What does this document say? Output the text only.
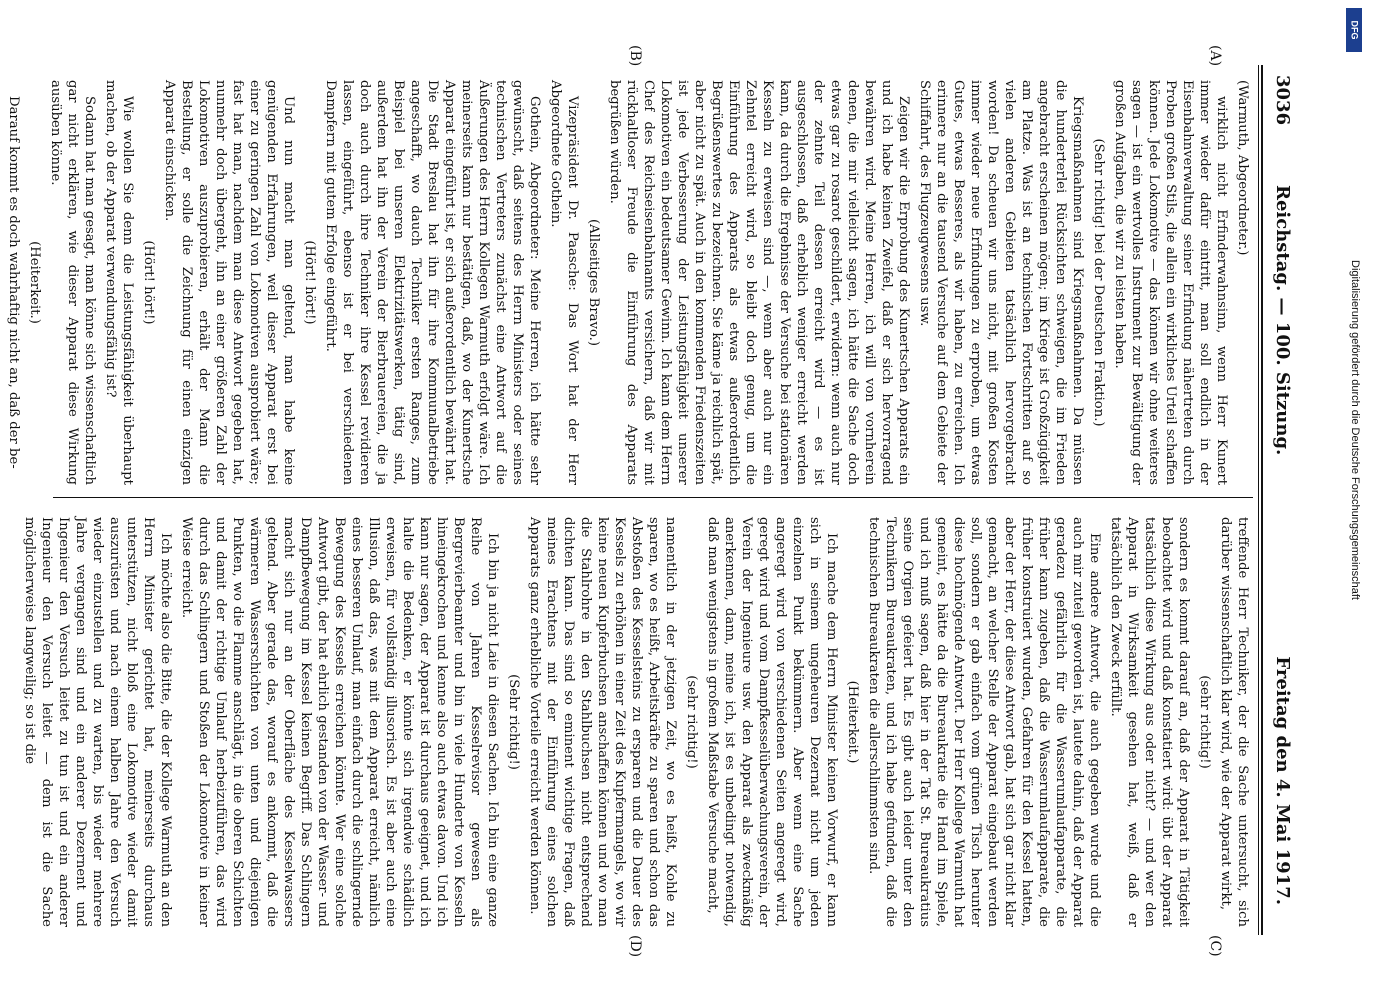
3036
Reichstag. — 100. Sitzung.
Freitag den 4. Mai 1917.
(A)
(B)
(C)
(D)

(Warmuth, Abgeordneter.)

wirklich nicht Erfinderwahnsinn, wenn Herr Kunert immer wieder dafür eintritt, man soll endlich in der Eisenbahnverwaltung seiner Erfindung nähertreten durch Proben großen Stils, die allein ein wirkliches Urteil schaffen können. Jede Lokomotive — das können wir ohne weiteres sagen — ist ein wertvolles Instrument zur Bewältigung der großen Aufgaben, die wir zu leisten haben.

(Sehr richtig! bei der Deutschen Fraktion.)

Kriegsmaßnahmen sind Kriegsmaßnahmen. Da müssen die hunderterlei Rücksichten schweigen, die im Frieden angebracht erscheinen mögen; im Kriege ist Großzügigkeit am Platze. Was ist an technischen Fortschritten auf so vielen anderen Gebieten tatsächlich hervorgebracht worden! Da scheuen wir uns nicht, mit großen Kosten immer wieder neue Erfindungen zu erproben, um etwas Gutes, etwas Besseres, als wir haben, zu erreichen. Ich erinnere nur an die tausend Versuche auf dem Gebiete der Schiffahrt, des Flugzeugwesens usw.

Zeigen wir die Erprobung des Kunertschen Apparats ein und ich habe keinen Zweifel, daß er sich hervorragend bewähren wird. Meine Herren, ich will von vornherein denen, die mir vielleicht sagen, ich hätte die Sache doch etwas gar zu rosarot geschildert, erwidern: wenn auch nur der zehnte Teil dessen erreicht wird — es ist ausgeschlossen, daß erheblich weniger erreicht werden kann, da durch die Ergebnisse der Versuche bei stationären Kesseln zu erweisen sind —, wenn aber auch nur ein Zehntel erreicht wird, so bleibt doch genug, um die Einführung des Apparats als etwas außerordentlich Begrüßenswertes zu bezeichnen. Sie käme ja reichlich spät, aber nicht zu spät. Auch in den kommenden Friedenszeiten ist jede Verbesserung der Leistungsfähigkeit unserer Lokomotiven ein bedeutsamer Gewinn. Ich kann dem Herrn Chef des Reichseisenbahnamts versichern, daß wir mit rückhaltloser Freude die Einführung des Apparats begrüßen würden.

(Allseitiges Bravo.)

Vizepräsident Dr. Paasche: Das Wort hat der Herr Abgeordnete Gothein.

Gothein, Abgeordneter: Meine Herren, ich hätte sehr gewünscht, daß seitens des Herrn Ministers oder seines technischen Vertreters zunächst eine Antwort auf die Äußerungen des Herrn Kollegen Warmuth erfolgt wäre. Ich meinerseits kann nur bestätigen, daß, wo der Kunertsche Apparat eingeführt ist, er sich außerordentlich bewährt hat. Die Stadt Breslau hat ihn für ihre Kommunalbetriebe angeschafft, wo dauch Techniker ersten Ranges, zum Beispiel bei unseren Elektrizitätswerken, tätig sind, außerdem hat ihn der Verein der Bierbrauereien, die ja doch auch durch ihre Techniker ihre Kessel revidieren lassen, eingeführt, ebenso ist er bei verschiedenen Dampfern mit gutem Erfolge eingeführt.

(Hört! hört!)

Und nun macht man geltend, man habe keine genügenden Erfahrungen, weil dieser Apparat erst bei einer zu geringen Zahl von Lokomotiven ausprobiert wäre; fast hat man, nachdem man diese Antwort gegeben hat, nunmehr doch übergeht, ihn an einer größeren Zahl der Lokomotiven auszuprobieren, erhält der Mann die Bestellung, er solle die Zeichnung für einen einzigen Apparat einschicken.

(Hört! hört!)

Wie wollen Sie denn die Leistungsfähigkeit überhaupt machen, ob der Apparat verwendungsfähig ist?

Sodann hat man gesagt, man könne sich wissenschaftlich gar nicht erklären, wie dieser Apparat diese Wirkung ausüben könne.

(Heiterkeit.)

Darauf kommt es doch wahrhaftig nicht an, daß der be-

treffende Herr Techniker, der die Sache untersucht, sich darüber wissenschaftlich klar wird, wie der Apparat wirkt,

(sehr richtig!)

sondern es kommt darauf an, daß der Apparat in Tätigkeit beobachtet wird und daß konstatiert wird: übt der Apparat tatsächlich diese Wirkung aus oder nicht? — und wer den Apparat in Wirksamkeit gesehen hat, weiß, daß er tatsächlich den Zweck erfüllt.

Eine andere Antwort, die auch gegeben wurde und die auch mir zuteil geworden ist, lautete dahin, daß der Apparat geradezu gefährlich für die Wasserumlaufapparate, die früher kann zugeben, daß die Wasserumlaufapparate, die früher konstruiert wurden, Gefahren für den Kessel hatten, aber der Herr, der diese Antwort gab, hat sich gar nicht klar gemacht, an welcher Stelle der Apparat eingebaut werden soll, sondern er gab einfach vom grünen Tisch herunter diese hochmögende Antwort. Der Herr Kollege Warmuth hat gemeint, es hätte da die Bureaukratie die Hand im Spiele, und ich muß sagen, daß hier in der Tat St. Bureaukratius seine Orgien gefeiert hat. Es gibt auch leider unter den Technikern Bureaukraten, und ich habe gefunden, daß die technischen Bureaukraten die allerschlimmsten sind.

(Heiterkeit.)

Ich mache dem Herrn Minister keinen Vorwurf, er kann sich in seinem ungeheuren Dezernat nicht um jeden einzelnen Punkt bekümmern. Aber wenn eine Sache angeregt wird von verschiedenen Seiten angeregt wird, geregt wird und vom Dampfkesselüberwachungsverein, der Verein der Ingenieure usw. den Apparat als zweckmäßig anerkennen, dann, meine ich, ist es unbedingt notwendig, daß man wenigstens in großem Maßstabe Versuche macht,

(sehr richtig!)

namentlich in der jetzigen Zeit, wo es heißt, Kohle zu sparen, wo es heißt, Arbeitskräfte zu sparen und schon das Abstoßen des Kesselsteins zu ersparen und die Dauer des Kessels zu erhöhen in einer Zeit des Kupfermangels, wo wir keine neuen Kupferbuchsen anschaffen können und wo man die Stahlrohre in den Stahlbuchsen nicht entsprechend dichten kann. Das sind so eminent wichtige Fragen, daß meines Erachtens mit der Einführung eines solchen Apparats ganz erhebliche Vorteile erreicht werden können.

(Sehr richtig!)

Ich bin ja nicht Laie in diesen Sachen. Ich bin eine ganze Reihe von Jahren Kesselrevisor gewesen als Bergrevierbeamter und bin in viele Hunderte von Kesseln hineingekrochen und kenne also auch etwas davon. Und ich kann nur sagen, der Apparat ist durchaus geeignet, und ich halte die Bedenken, er könnte sich irgendwie schädlich erweisen, für vollständig illusorisch. Es ist aber auch eine Illusion, daß das, was mit dem Apparat erreicht, nämlich eines besseren Umlauf, man einfach durch die schlingernde Bewegung des Kessels erreichen könnte. Wer eine solche Antwort gibt, der hat ehrlich gestanden von der Wasser- und Dampfbewegung im Kessel keinen Begriff. Das Schlingern macht sich nur an der Oberfläche des Kesselwassers geltend. Aber gerade das, worauf es ankommt, daß die wärmeren Wasserschichten von unten und diejenigen Punkten, wo die Flamme anschlägt, in die oberen Schichten und damit der richtige Umlauf herbeizuführen, das wird durch das Schlingern und Stoßen der Lokomotive in keiner Weise erreicht.

Ich möchte also die Bitte, die der Kollege Warmuth an den Herrn Minister gerichtet hat, meinerseits durchaus unterstützen, nicht bloß eine Lokomotive wieder damit auszurüsten und nach einem halben Jahre den Versuch wieder einzustellen und zu warten, bis wieder mehrere Jahre vergangen sind und ein anderer Dezernent und Ingenieur den Versuch leitet zu tun ist und ein anderer Ingenieur den Versuch leitet — dem ist die Sache möglicherweise langweilig; so ist die

DFG
Digitalisierung gefördert durch die Deutsche Forschungsgemeinschaft
